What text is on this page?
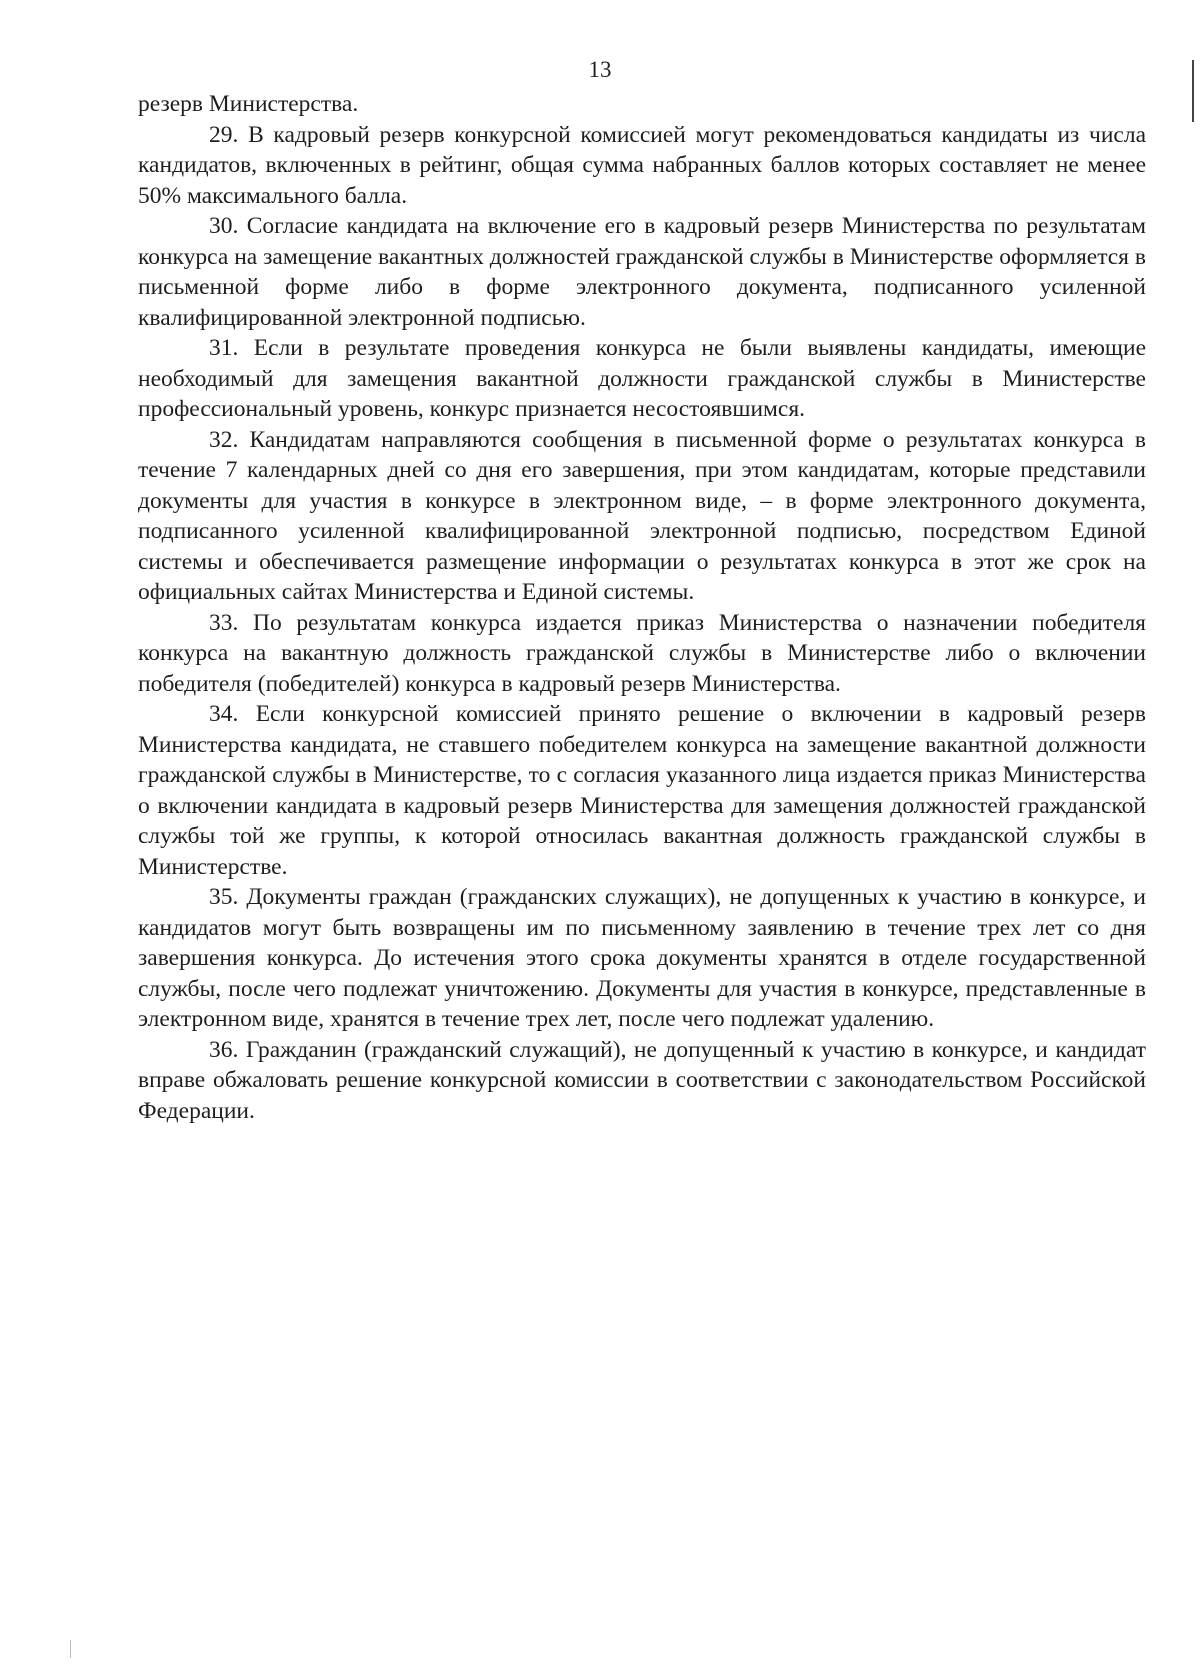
13

резерв Министерства.

29. В кадровый резерв конкурсной комиссией могут рекомендоваться кандидаты из числа кандидатов, включенных в рейтинг, общая сумма набранных баллов которых составляет не менее 50% максимального балла.

30. Согласие кандидата на включение его в кадровый резерв Министерства по результатам конкурса на замещение вакантных должностей гражданской службы в Министерстве оформляется в письменной форме либо в форме электронного документа, подписанного усиленной квалифицированной электронной подписью.

31. Если в результате проведения конкурса не были выявлены кандидаты, имеющие необходимый для замещения вакантной должности гражданской службы в Министерстве профессиональный уровень, конкурс признается несостоявшимся.

32. Кандидатам направляются сообщения в письменной форме о результатах конкурса в течение 7 календарных дней со дня его завершения, при этом кандидатам, которые представили документы для участия в конкурсе в электронном виде, – в форме электронного документа, подписанного усиленной квалифицированной электронной подписью, посредством Единой системы и обеспечивается размещение информации о результатах конкурса в этот же срок на официальных сайтах Министерства и Единой системы.

33. По результатам конкурса издается приказ Министерства о назначении победителя конкурса на вакантную должность гражданской службы в Министерстве либо о включении победителя (победителей) конкурса в кадровый резерв Министерства.

34. Если конкурсной комиссией принято решение о включении в кадровый резерв Министерства кандидата, не ставшего победителем конкурса на замещение вакантной должности гражданской службы в Министерстве, то с согласия указанного лица издается приказ Министерства о включении кандидата в кадровый резерв Министерства для замещения должностей гражданской службы той же группы, к которой относилась вакантная должность гражданской службы в Министерстве.

35. Документы граждан (гражданских служащих), не допущенных к участию в конкурсе, и кандидатов могут быть возвращены им по письменному заявлению в течение трех лет со дня завершения конкурса. До истечения этого срока документы хранятся в отделе государственной службы, после чего подлежат уничтожению. Документы для участия в конкурсе, представленные в электронном виде, хранятся в течение трех лет, после чего подлежат удалению.

36. Гражданин (гражданский служащий), не допущенный к участию в конкурсе, и кандидат вправе обжаловать решение конкурсной комиссии в соответствии с законодательством Российской Федерации.
